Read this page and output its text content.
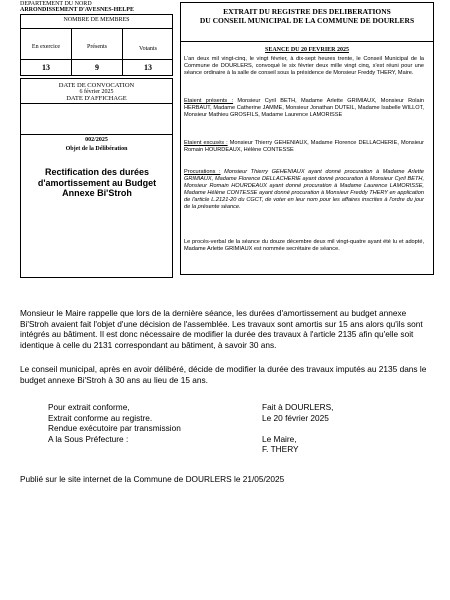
DEPARTEMENT DU NORD
ARRONDISSEMENT D'AVESNES-HELPE
NOMBRE DE MEMBRES
En exercice	Présents	Votants
13	9	13
DATE DE CONVOCATION
6 février 2025
DATE D'AFFICHAGE
002/2025
Objet de la Délibération
Rectification des durées d'amortissement au Budget Annexe Bi'Stroh
EXTRAIT DU REGISTRE DES DELIBERATIONS
DU CONSEIL MUNICIPAL DE LA COMMUNE DE DOURLERS
SEANCE DU 20 FEVRIER 2025
L'an deux mil vingt-cinq, le vingt février, à dix-sept heures trente, le Conseil Municipal de la Commune de DOURLERS, convoqué le six février deux mille vingt cinq, s'est réuni pour une séance ordinaire à la salle de conseil sous la présidence de Monsieur Freddy THERY, Maire.
Etaient présents : Monsieur Cyril BETH, Madame Arlette GRIMIAUX, Monsieur Rolain HERBAUT, Madame Catherine JAMME, Monsieur Jonathan DUTEIL, Madame Isabelle WILLOT, Monsieur Mathieu GROSFILS, Madame Laurence LAMORISSE
Etaient excusés : Monsieur Thierry GEHENIAUX, Madame Florence DELLACHERIE, Monsieur Romain HOURDEAUX, Hélène CONTESSE
Procurations : Monsieur Thierry GEHENIAUX ayant donné procuration à Madame Arlette GRIMIAUX, Madame Florence DELLACHERIE ayant donné procuration à Monsieur Cyril BETH, Monsieur Romain HOURDEAUX ayant donné procuration à Madame Laurence LAMORISSE, Madame Hélène CONTESSE ayant donné procuration à Monsieur Freddy THERY en application de l'article L.2121-20 du CGCT, de voter en leur nom pour les affaires inscrites à l'ordre du jour de la présente séance.
Le procès-verbal de la séance du douze décembre deux mil vingt-quatre ayant été lu et adopté, Madame Arlette GRIMIAUX est nommée secrétaire de séance.
Monsieur le Maire rappelle que lors de la dernière séance, les durées d'amortissement au budget annexe Bi'Stroh avaient fait l'objet d'une décision de l'assemblée. Les travaux sont amortis sur 15 ans alors qu'ils sont intégrés au bâtiment. Il est donc nécessaire de modifier la durée des travaux à l'article 2135 afin qu'elle soit identique à celle du 2131 correspondant au bâtiment, à savoir 30 ans.
Le conseil municipal, après en avoir délibéré, décide de modifier la durée des travaux imputés au 2135 dans le budget annexe Bi'Stroh à 30 ans au lieu de 15 ans.
Pour extrait conforme,
Extrait conforme au registre.
Rendue exécutoire par transmission
A la Sous Préfecture :
Fait à DOURLERS,
Le 20 février 2025
Le Maire,
F. THERY
Publié sur le site internet de la Commune de DOURLERS le 21/05/2025
